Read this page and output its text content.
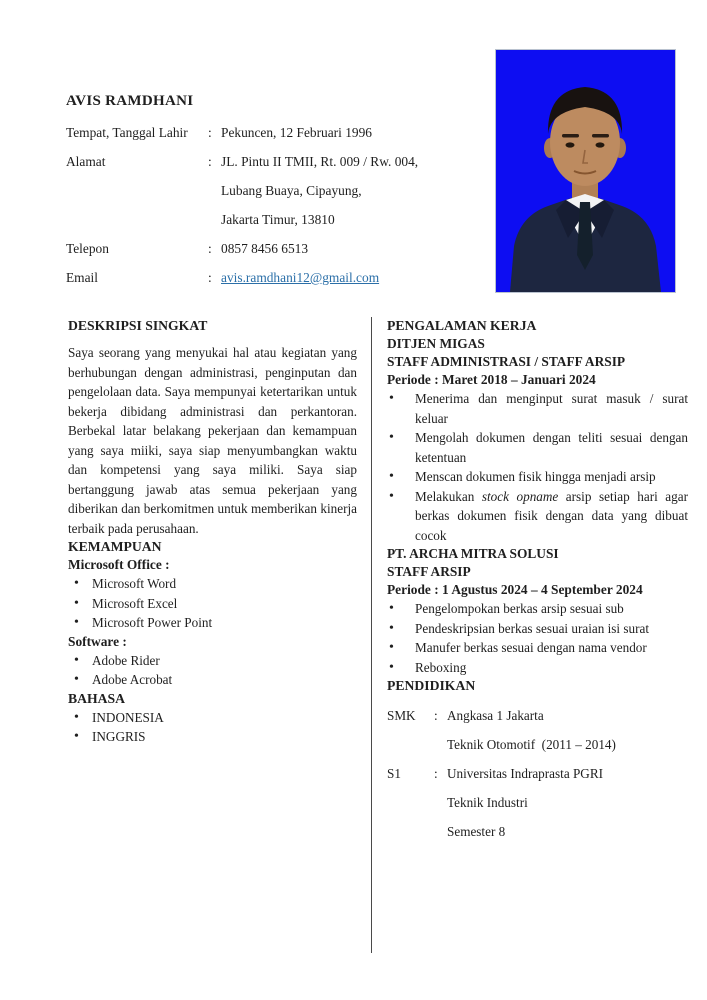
AVIS RAMDHANI
Tempat, Tanggal Lahir	: Pekuncen, 12 Februari 1996
Alamat	: JL. Pintu II TMII, Rt. 009 / Rw. 004,
Lubang Buaya, Cipayung,
Jakarta Timur, 13810
Telepon	: 0857 8456 6513
Email	: avis.ramdhani12@gmail.com
DESKRIPSI SINGKAT
Saya seorang yang menyukai hal atau kegiatan yang berhubungan dengan administrasi, penginputan dan pengelolaan data. Saya mempunyai ketertarikan untuk bekerja dibidang administrasi dan perkantoran. Berbekal latar belakang pekerjaan dan kemampuan yang saya miiki, saya siap menyumbangkan waktu dan kompetensi yang saya miliki. Saya siap bertanggung jawab atas semua pekerjaan yang diberikan dan berkomitmen untuk memberikan kinerja terbaik pada perusahaan.
KEMAMPUAN
Microsoft Office :
• Microsoft Word
• Microsoft Excel
• Microsoft Power Point
Software :
• Adobe Rider
• Adobe Acrobat
BAHASA
• INDONESIA
• INGGRIS
PENGALAMAN KERJA
DITJEN MIGAS
STAFF ADMINISTRASI / STAFF ARSIP
Periode : Maret 2018 – Januari 2024
• Menerima dan menginput surat masuk / surat keluar
• Mengolah dokumen dengan teliti sesuai dengan ketentuan
• Menscan dokumen fisik hingga menjadi arsip
• Melakukan stock opname arsip setiap hari agar berkas dokumen fisik dengan data yang dibuat cocok
PT. ARCHA MITRA SOLUSI
STAFF ARSIP
Periode : 1 Agustus 2024 – 4 September 2024
• Pengelompokan berkas arsip sesuai sub
• Pendeskripsian berkas sesuai uraian isi surat
• Manufer berkas sesuai dengan nama vendor
• Reboxing
PENDIDIKAN
SMK	: Angkasa 1 Jakarta
Teknik Otomotif  (2011 – 2014)
S1	: Universitas Indraprasta PGRI
Teknik Industri
Semester 8
